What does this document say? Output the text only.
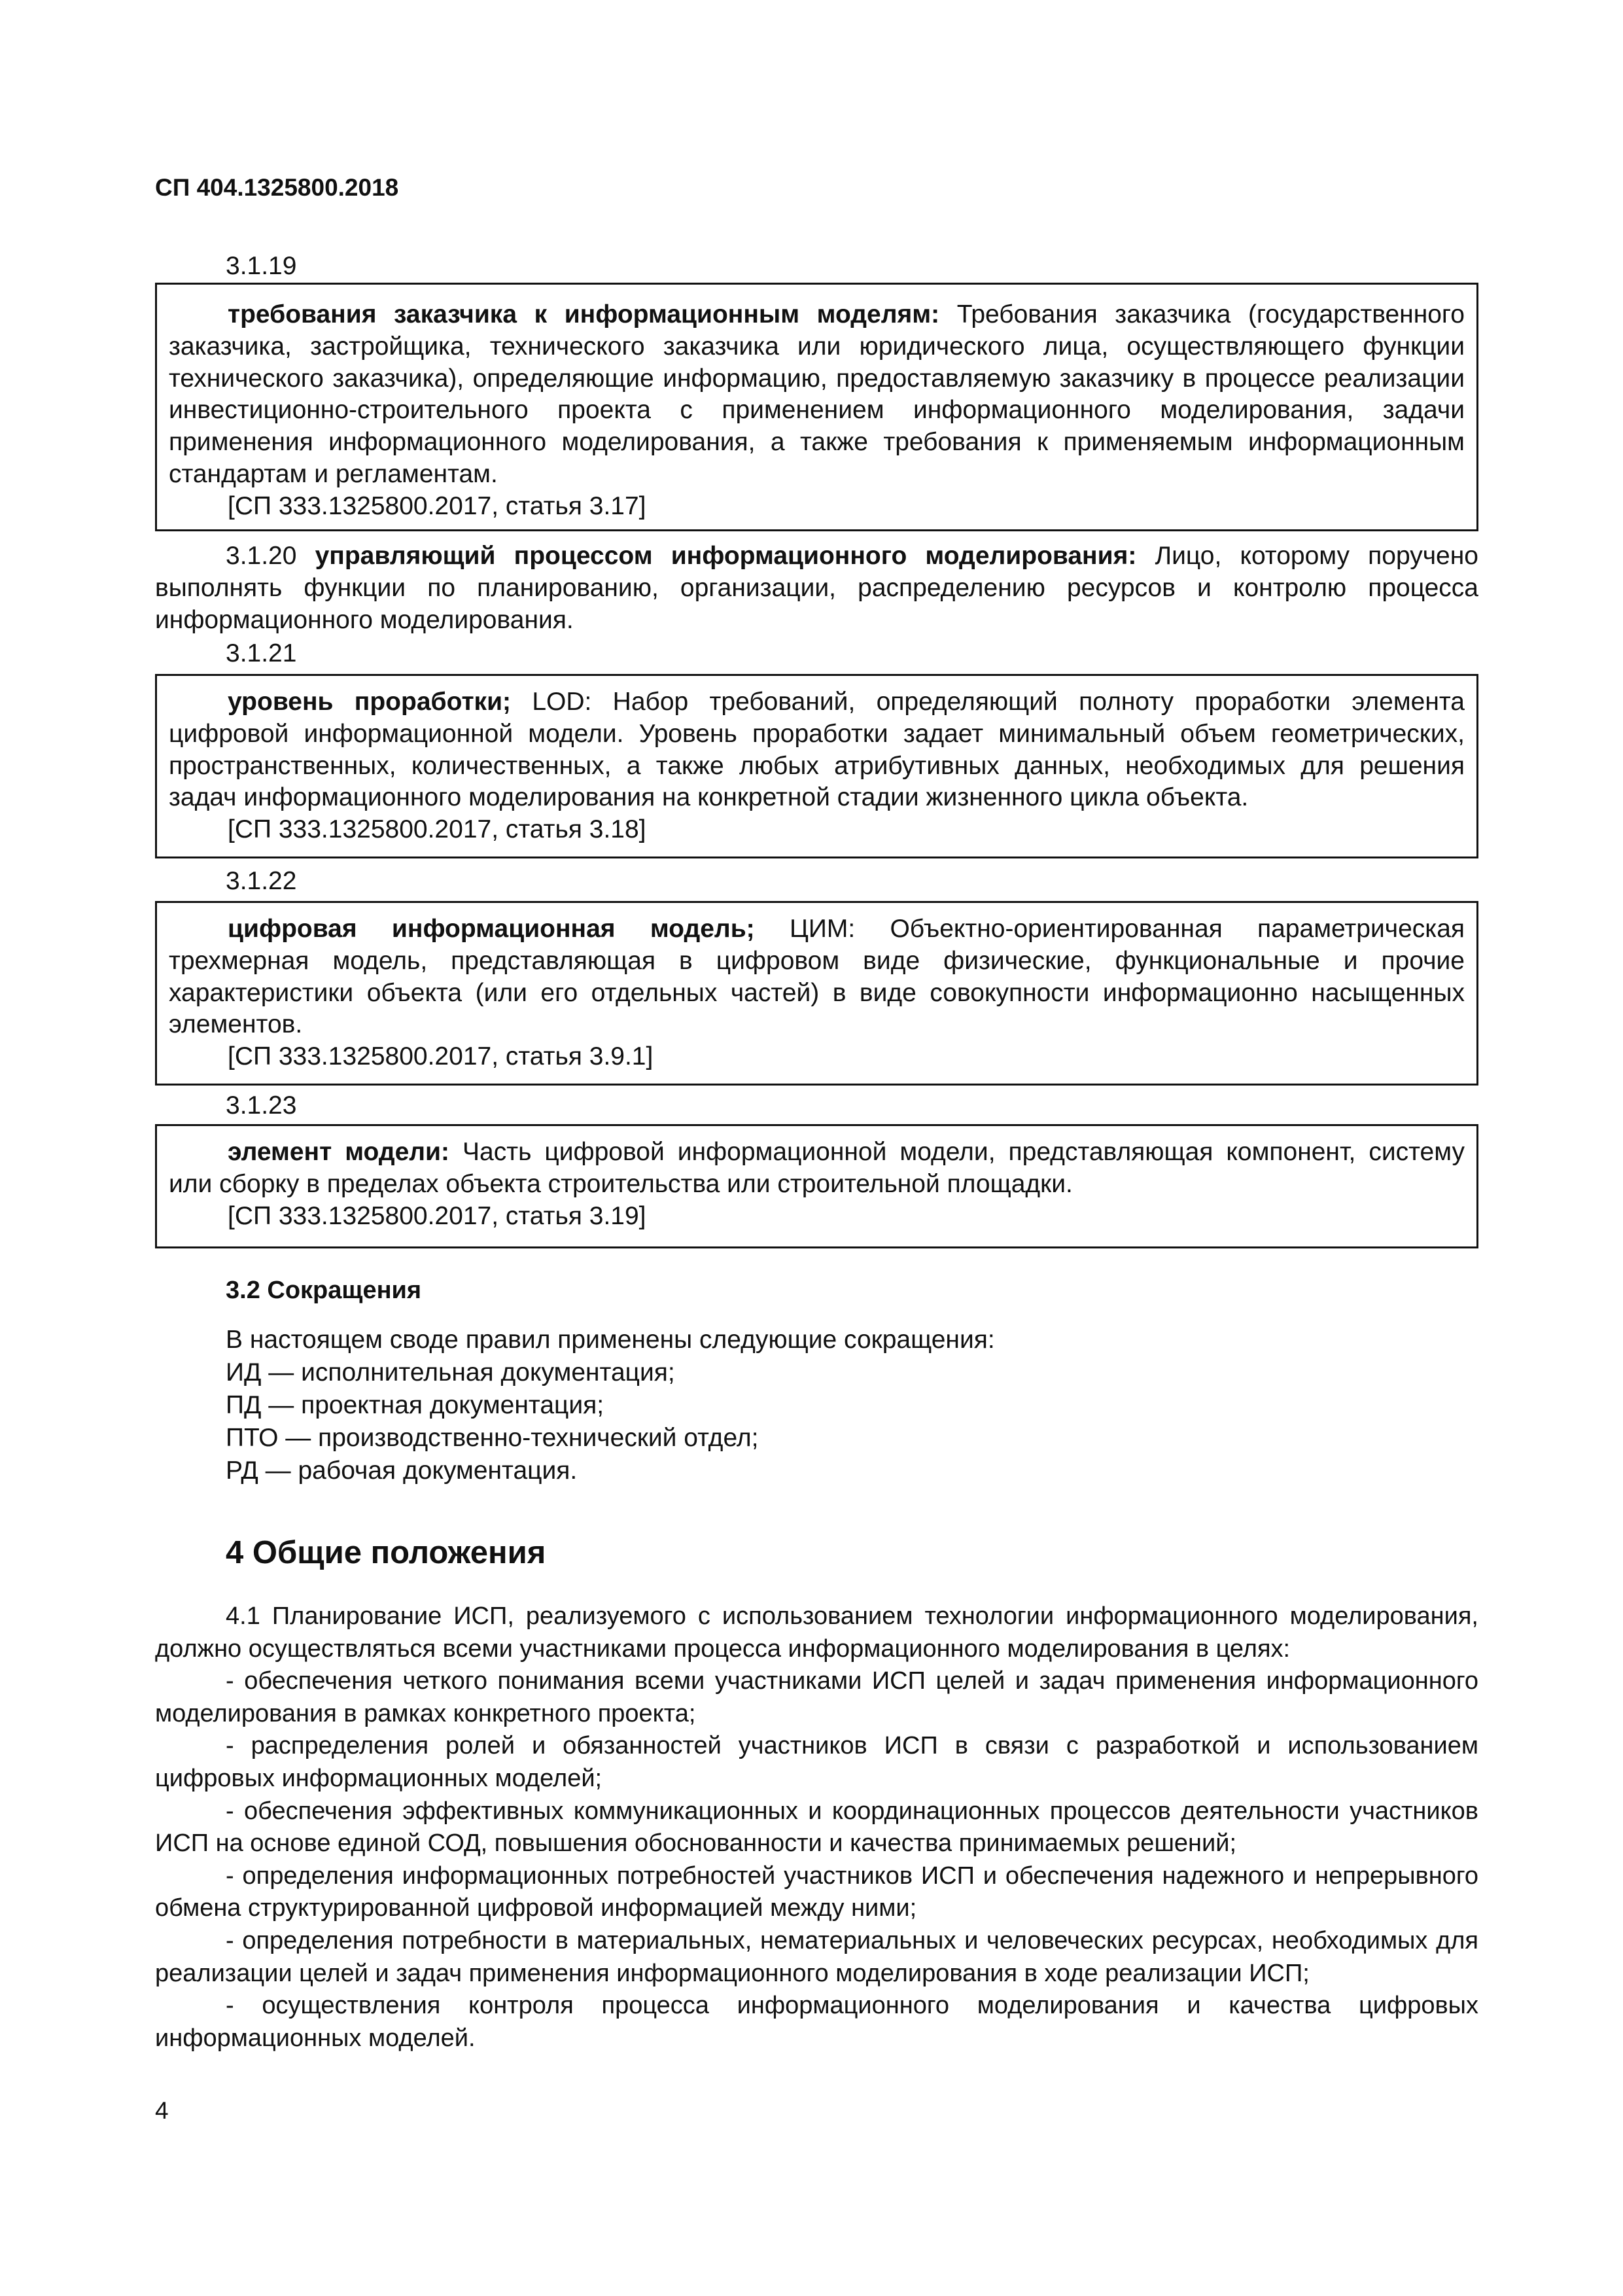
СП 404.1325800.2018
3.1.19

требования заказчика к информационным моделям: Требования заказчика (государственного заказчика, застройщика, технического заказчика или юридического лица, осуществляющего функции технического заказчика), определяющие информацию, предоставляемую заказчику в процессе реализации инвестиционно-строительного проекта с применением информационного моделирования, задачи применения информационного моделирования, а также требования к применяемым информационным стандартам и регламентам.

[СП 333.1325800.2017, статья 3.17]

3.1.20 управляющий процессом информационного моделирования: Лицо, которому поручено выполнять функции по планированию, организации, распределению ресурсов и контролю процесса информационного моделирования.

3.1.21

уровень проработки; LOD: Набор требований, определяющий полноту проработки элемента цифровой информационной модели. Уровень проработки задает минимальный объем геометрических, пространственных, количественных, а также любых атрибутивных данных, необходимых для решения задач информационного моделирования на конкретной стадии жизненного цикла объекта.

[СП 333.1325800.2017, статья 3.18]

3.1.22

цифровая информационная модель; ЦИМ: Объектно-ориентированная параметрическая трехмерная модель, представляющая в цифровом виде физические, функциональные и прочие характеристики объекта (или его отдельных частей) в виде совокупности информационно насыщенных элементов.

[СП 333.1325800.2017, статья 3.9.1]

3.1.23

элемент модели: Часть цифровой информационной модели, представляющая компонент, систему или сборку в пределах объекта строительства или строительной площадки.

[СП 333.1325800.2017, статья 3.19]

3.2 Сокращения
В настоящем своде правил применены следующие сокращения:
ИД — исполнительная документация;
ПД — проектная документация;
ПТО — производственно-технический отдел;
РД — рабочая документация.
4 Общие положения

4.1 Планирование ИСП, реализуемого с использованием технологии информационного моделирования, должно осуществляться всеми участниками процесса информационного моделирования в целях:

- обеспечения четкого понимания всеми участниками ИСП целей и задач применения информационного моделирования в рамках конкретного проекта;

- распределения ролей и обязанностей участников ИСП в связи с разработкой и использованием цифровых информационных моделей;

- обеспечения эффективных коммуникационных и координационных процессов деятельности участников ИСП на основе единой СОД, повышения обоснованности и качества принимаемых решений;

- определения информационных потребностей участников ИСП и обеспечения надежного и непрерывного обмена структурированной цифровой информацией между ними;

- определения потребности в материальных, нематериальных и человеческих ресурсах, необходимых для реализации целей и задач применения информационного моделирования в ходе реализации ИСП;

- осуществления контроля процесса информационного моделирования и качества цифровых информационных моделей.

4
